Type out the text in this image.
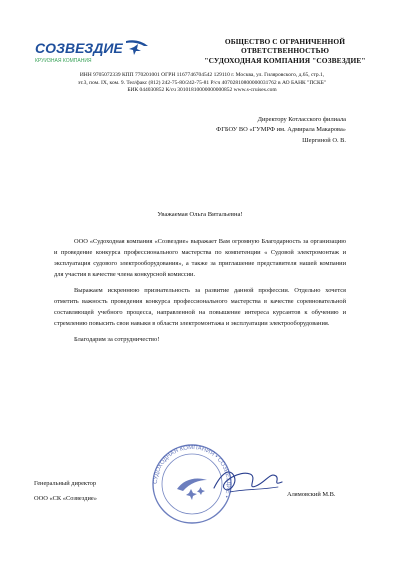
СОЗВЕЗДИЕ
КРУИЗНАЯ КОМПАНИЯ
ОБЩЕСТВО С ОГРАНИЧЕННОЙ
ОТВЕТСТВЕННОСТЬЮ
"СУДОХОДНАЯ КОМПАНИЯ "СОЗВЕЗДИЕ"
ИНН 9705072339 КПП 770201001 ОГРН 1167746704542 129110 г. Москва, ул. Гиляровского, д.65, стр.1,
эт.3, пом. IX, ком. 9. Тел/факс (812) 242-75-80/242-75-81 Р/сч 40702810800000031762 в АО БАНК "ПСКБ"
БИК 044030852 К/сч 30101810000000000852 www.s-cruises.com
Директору Котласского филиала
ФГБОУ ВО «ГУМРФ им. Адмирала Макарова»
Шергиной О. В.
Уважаемая Ольга Витальевна!

ООО «Судоходная компания «Созвездие» выражает Вам огромную Благодарность за организацию и проведение конкурса профессионального мастерства по компетенции « Судовой электромонтаж и эксплуатация судового электрооборудования», а также за приглашение представителя нашей компании для участия в качестве члена конкурсной комиссии.

Выражаем искреннюю признательность за развитие данной профессии. Отдельно хочется отметить важность проведения конкурса профессионального мастерства в качестве соревновательной составляющей учебного процесса, направленной на повышение интереса курсантов к обучению и стремлению повысить свои навыки в области электромонтажа и эксплуатации электрооборудования.

Благодарим за сотрудничество!

СУДОХОДНАЯ КОМПАНИЯ • СОЗВЕЗДИЕ •
Генеральный директор
ООО «СК «Созвездие»
Алямовский М.В.
